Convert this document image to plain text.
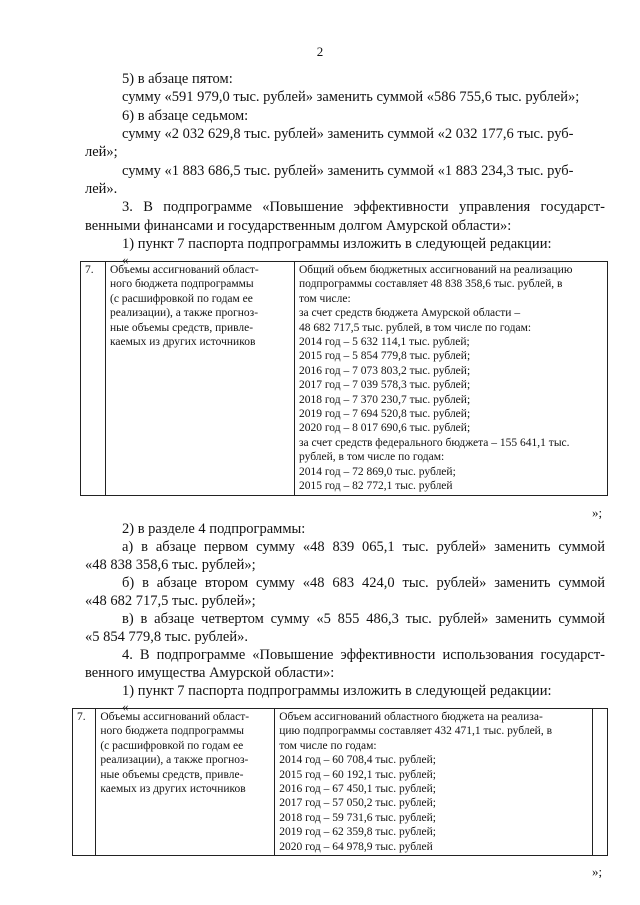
2
5) в абзаце пятом:
сумму «591 979,0 тыс. рублей» заменить суммой «586 755,6 тыс. рублей»;
6) в абзаце седьмом:
сумму «2 032 629,8 тыс. рублей» заменить суммой «2 032 177,6 тыс. руб-
лей»;
сумму «1 883 686,5 тыс. рублей» заменить суммой «1 883 234,3 тыс. руб-
лей».
3. В подпрограмме «Повышение эффективности управления государст-
венными финансами и государственным долгом Амурской области»:
1) пункт 7 паспорта подпрограммы изложить в следующей редакции:
«
7.	Объемы ассигнований област-
ного бюджета подпрограммы
(с расшифровкой по годам ее
реализации), а также прогноз-
ные объемы средств, привле-
каемых из других источников

Общий объем бюджетных ассигнований на реализацию
подпрограммы составляет 48 838 358,6 тыс. рублей, в
том числе:
за счет средств бюджета Амурской области –
48 682 717,5 тыс. рублей, в том числе по годам:
2014 год – 5 632 114,1 тыс. рублей;
2015 год – 5 854 779,8 тыс. рублей;
2016 год – 7 073 803,2 тыс. рублей;
2017 год – 7 039 578,3 тыс. рублей;
2018 год – 7 370 230,7 тыс. рублей;
2019 год – 7 694 520,8 тыс. рублей;
2020 год – 8 017 690,6 тыс. рублей;
за счет средств федерального бюджета – 155 641,1 тыс.
рублей, в том числе по годам:
2014 год – 72 869,0 тыс. рублей;
2015 год – 82 772,1 тыс. рублей
»;
2) в разделе 4 подпрограммы:
а) в абзаце первом сумму «48 839 065,1 тыс. рублей» заменить суммой
«48 838 358,6 тыс. рублей»;
б) в абзаце втором сумму «48 683 424,0 тыс. рублей» заменить суммой
«48 682 717,5 тыс. рублей»;
в) в абзаце четвертом сумму «5 855 486,3 тыс. рублей» заменить суммой
«5 854 779,8 тыс. рублей».
4. В подпрограмме «Повышение эффективности использования государст-
венного имущества Амурской области»:
1) пункт 7 паспорта подпрограммы изложить в следующей редакции:
«
7.	Объемы ассигнований област-
ного бюджета подпрограммы
(с расшифровкой по годам ее
реализации), а также прогноз-
ные объемы средств, привле-
каемых из других источников

Объем ассигнований областного бюджета на реализа-
цию подпрограммы составляет 432 471,1 тыс. рублей, в
том числе по годам:
2014 год – 60 708,4 тыс. рублей;
2015 год – 60 192,1 тыс. рублей;
2016 год – 67 450,1 тыс. рублей;
2017 год – 57 050,2 тыс. рублей;
2018 год – 59 731,6 тыс. рублей;
2019 год – 62 359,8 тыс. рублей;
2020 год – 64 978,9 тыс. рублей

»;
